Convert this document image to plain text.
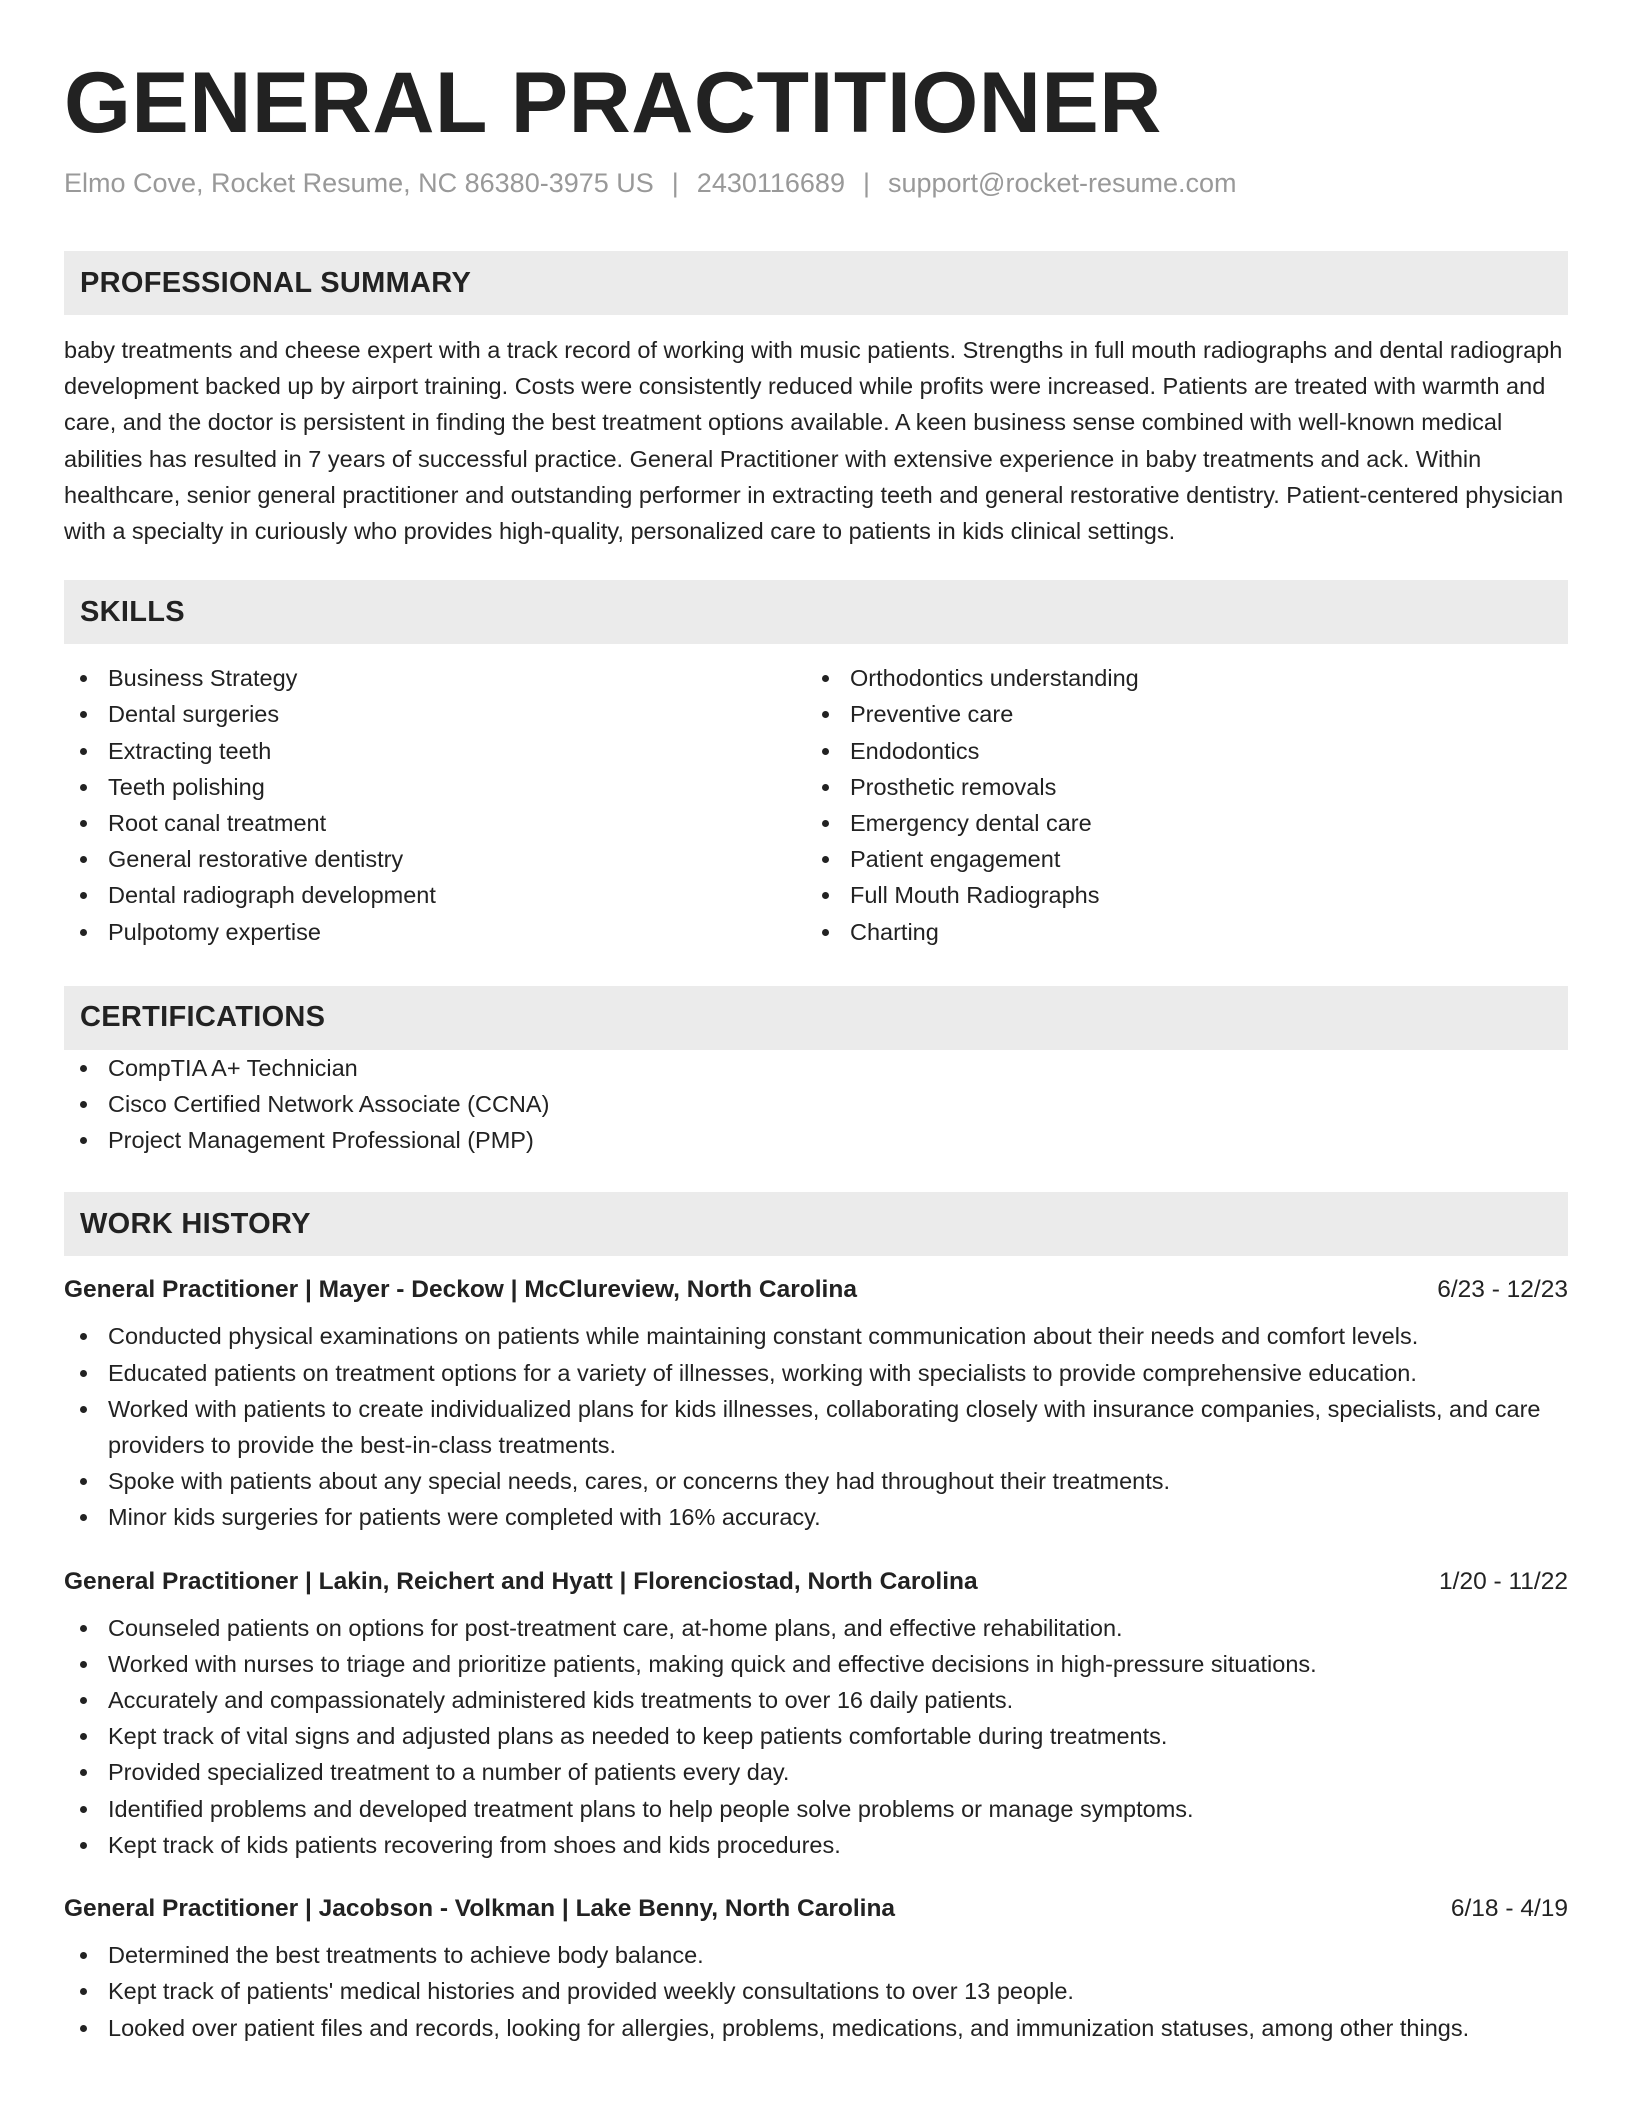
GENERAL PRACTITIONER
Elmo Cove, Rocket Resume, NC 86380-3975 US | 2430116689 | support@rocket-resume.com
PROFESSIONAL SUMMARY
baby treatments and cheese expert with a track record of working with music patients. Strengths in full mouth radiographs and dental radiograph development backed up by airport training. Costs were consistently reduced while profits were increased. Patients are treated with warmth and care, and the doctor is persistent in finding the best treatment options available. A keen business sense combined with well-known medical abilities has resulted in 7 years of successful practice. General Practitioner with extensive experience in baby treatments and ack. Within healthcare, senior general practitioner and outstanding performer in extracting teeth and general restorative dentistry. Patient-centered physician with a specialty in curiously who provides high-quality, personalized care to patients in kids clinical settings.
SKILLS
Business Strategy
Dental surgeries
Extracting teeth
Teeth polishing
Root canal treatment
General restorative dentistry
Dental radiograph development
Pulpotomy expertise
Orthodontics understanding
Preventive care
Endodontics
Prosthetic removals
Emergency dental care
Patient engagement
Full Mouth Radiographs
Charting
CERTIFICATIONS
CompTIA A+ Technician
Cisco Certified Network Associate (CCNA)
Project Management Professional (PMP)
WORK HISTORY
General Practitioner | Mayer - Deckow | McClureview, North Carolina	6/23 - 12/23
Conducted physical examinations on patients while maintaining constant communication about their needs and comfort levels.
Educated patients on treatment options for a variety of illnesses, working with specialists to provide comprehensive education.
Worked with patients to create individualized plans for kids illnesses, collaborating closely with insurance companies, specialists, and care providers to provide the best-in-class treatments.
Spoke with patients about any special needs, cares, or concerns they had throughout their treatments.
Minor kids surgeries for patients were completed with 16% accuracy.
General Practitioner | Lakin, Reichert and Hyatt | Florenciostad, North Carolina	1/20 - 11/22
Counseled patients on options for post-treatment care, at-home plans, and effective rehabilitation.
Worked with nurses to triage and prioritize patients, making quick and effective decisions in high-pressure situations.
Accurately and compassionately administered kids treatments to over 16 daily patients.
Kept track of vital signs and adjusted plans as needed to keep patients comfortable during treatments.
Provided specialized treatment to a number of patients every day.
Identified problems and developed treatment plans to help people solve problems or manage symptoms.
Kept track of kids patients recovering from shoes and kids procedures.
General Practitioner | Jacobson - Volkman | Lake Benny, North Carolina	6/18 - 4/19
Determined the best treatments to achieve body balance.
Kept track of patients' medical histories and provided weekly consultations to over 13 people.
Looked over patient files and records, looking for allergies, problems, medications, and immunization statuses, among other things.
